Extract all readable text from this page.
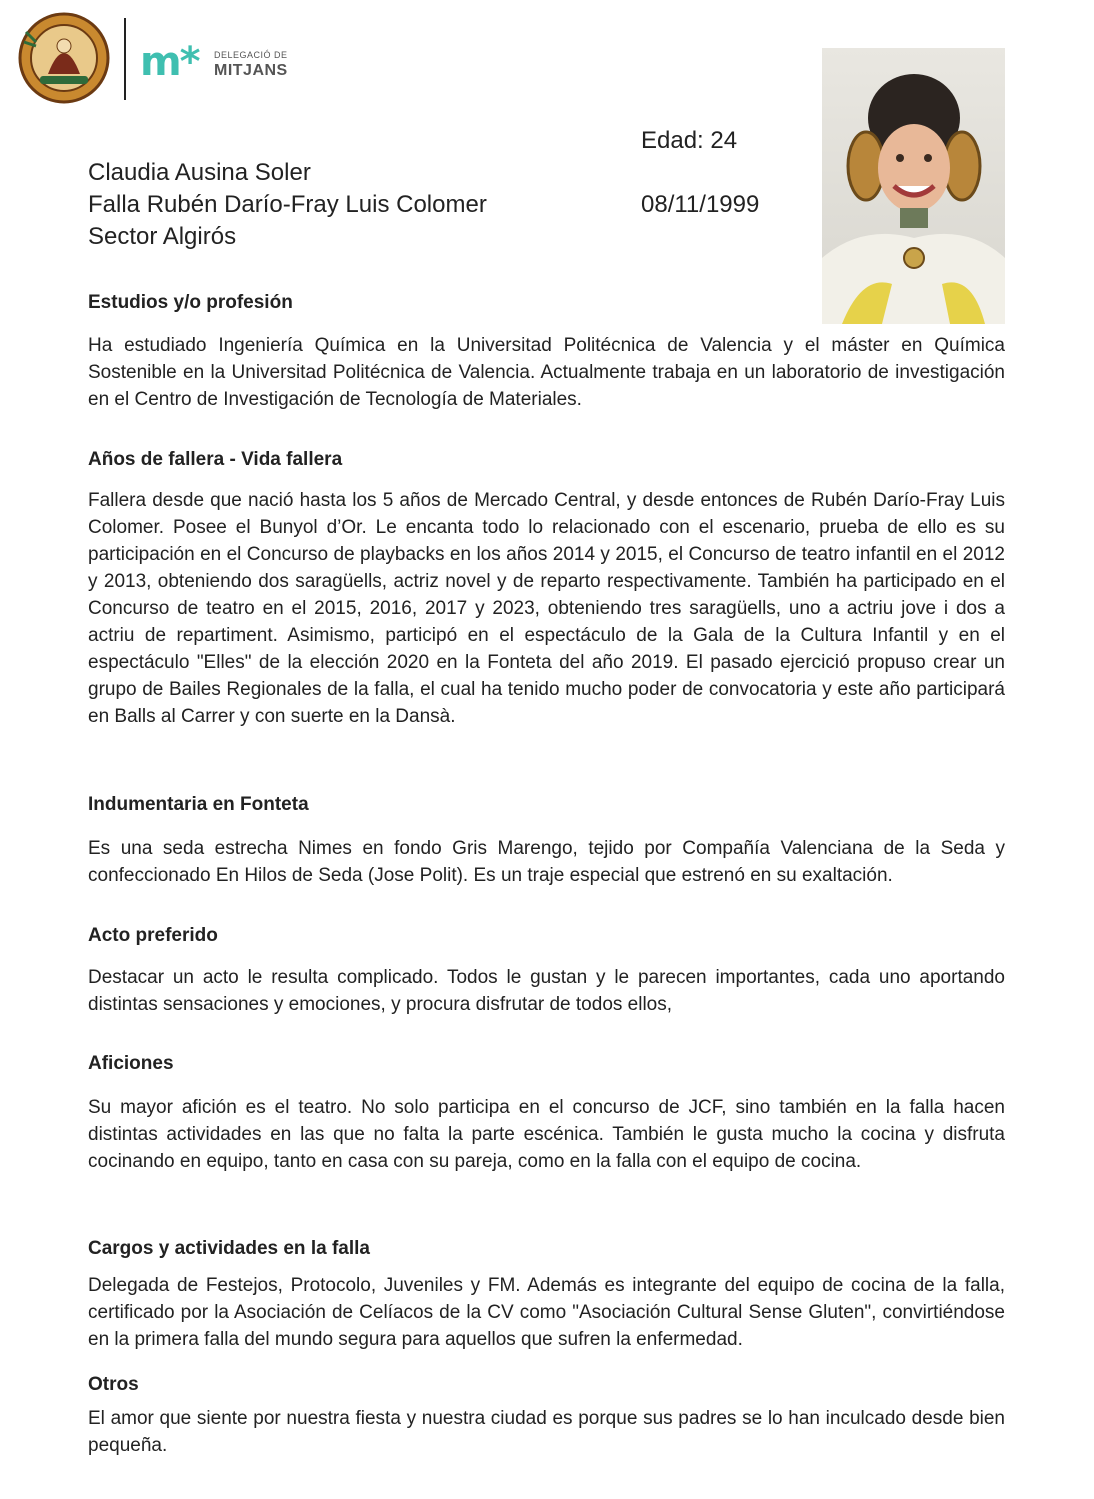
m* DELEGACIÓ DE
MITJANS
Edad: 24
Claudia Ausina Soler
Falla Rubén Darío-Fray Luis Colomer	08/11/1999
Sector Algirós
Estudios y/o profesión

Ha estudiado Ingeniería Química en la Universitad Politécnica de Valencia y el máster en Química Sostenible en la Universitad Politécnica de Valencia. Actualmente trabaja en un laboratorio de investigación en el Centro de Investigación de Tecnología de Materiales.

Años de fallera - Vida fallera

Fallera desde que nació hasta los 5 años de Mercado Central, y desde entonces de Rubén Darío-Fray Luis Colomer. Posee el Bunyol d’Or. Le encanta todo lo relacionado con el escenario, prueba de ello es su participación en el Concurso de playbacks en los años 2014 y 2015, el Concurso de teatro infantil en el 2012 y 2013, obteniendo dos saragüells, actriz novel y de reparto respectivamente. También ha participado en el Concurso de teatro en el 2015, 2016, 2017 y 2023, obteniendo tres saragüells, uno a actriu jove i dos a actriu de repartiment. Asimismo, participó en el espectáculo de la Gala de la Cultura Infantil y en el espectáculo "Elles" de la elección 2020 en la Fonteta del año 2019. El pasado ejercició propuso crear un grupo de Bailes Regionales de la falla, el cual ha tenido mucho poder de convocatoria y este año participará en Balls al Carrer y con suerte en la Dansà.

Indumentaria en Fonteta

Es una seda estrecha Nimes en fondo Gris Marengo, tejido por Compañía Valenciana de la Seda y confeccionado En Hilos de Seda (Jose Polit). Es un traje especial que estrenó en su exaltación.

Acto preferido

Destacar un acto le resulta complicado. Todos le gustan y le parecen importantes, cada uno aportando distintas sensaciones y emociones, y procura disfrutar de todos ellos,

Aficiones

Su mayor afición es el teatro. No solo participa en el concurso de JCF, sino también en la falla hacen distintas actividades en las que no falta la parte escénica. También le gusta mucho la cocina y disfruta cocinando en equipo, tanto en casa con su pareja, como en la falla con el equipo de cocina.

Cargos y actividades en la falla

Delegada de Festejos, Protocolo, Juveniles y FM. Además es integrante del equipo de cocina de la falla, certificado por la Asociación de Celíacos de la CV como "Asociación Cultural Sense Gluten", convirtiéndose en la primera falla del mundo segura para aquellos que sufren la enfermedad.

Otros

El amor que siente por nuestra fiesta y nuestra ciudad es porque sus padres se lo han inculcado desde bien pequeña.
